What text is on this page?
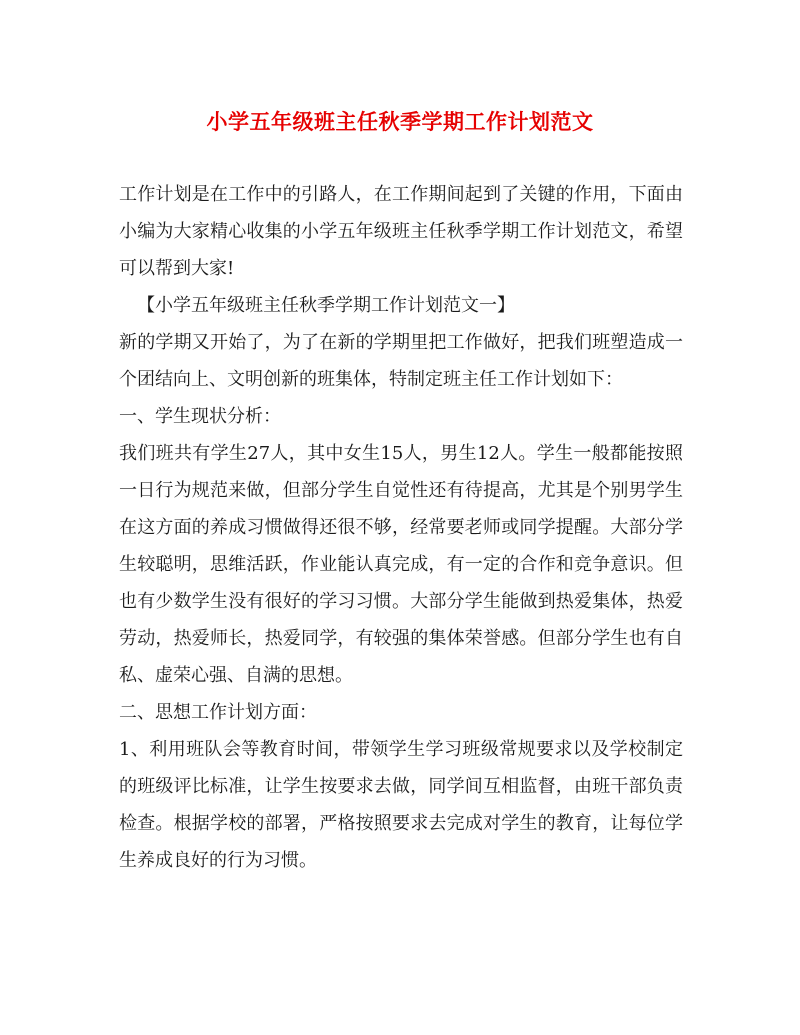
小学五年级班主任秋季学期工作计划范文

工作计划是在工作中的引路人，在工作期间起到了关键的作用，下面由小编为大家精心收集的小学五年级班主任秋季学期工作计划范文，希望可以帮到大家!

【小学五年级班主任秋季学期工作计划范文一】

新的学期又开始了，为了在新的学期里把工作做好，把我们班塑造成一个团结向上、文明创新的班集体，特制定班主任工作计划如下：

一、学生现状分析：

我们班共有学生27人，其中女生15人，男生12人。学生一般都能按照一日行为规范来做，但部分学生自觉性还有待提高，尤其是个别男学生在这方面的养成习惯做得还很不够，经常要老师或同学提醒。大部分学生较聪明，思维活跃，作业能认真完成，有一定的合作和竞争意识。但也有少数学生没有很好的学习习惯。大部分学生能做到热爱集体，热爱劳动，热爱师长，热爱同学，有较强的集体荣誉感。但部分学生也有自私、虚荣心强、自满的思想。

二、思想工作计划方面：

1、利用班队会等教育时间，带领学生学习班级常规要求以及学校制定的班级评比标准，让学生按要求去做，同学间互相监督，由班干部负责检查。根据学校的部署，严格按照要求去完成对学生的教育，让每位学生养成良好的行为习惯。
